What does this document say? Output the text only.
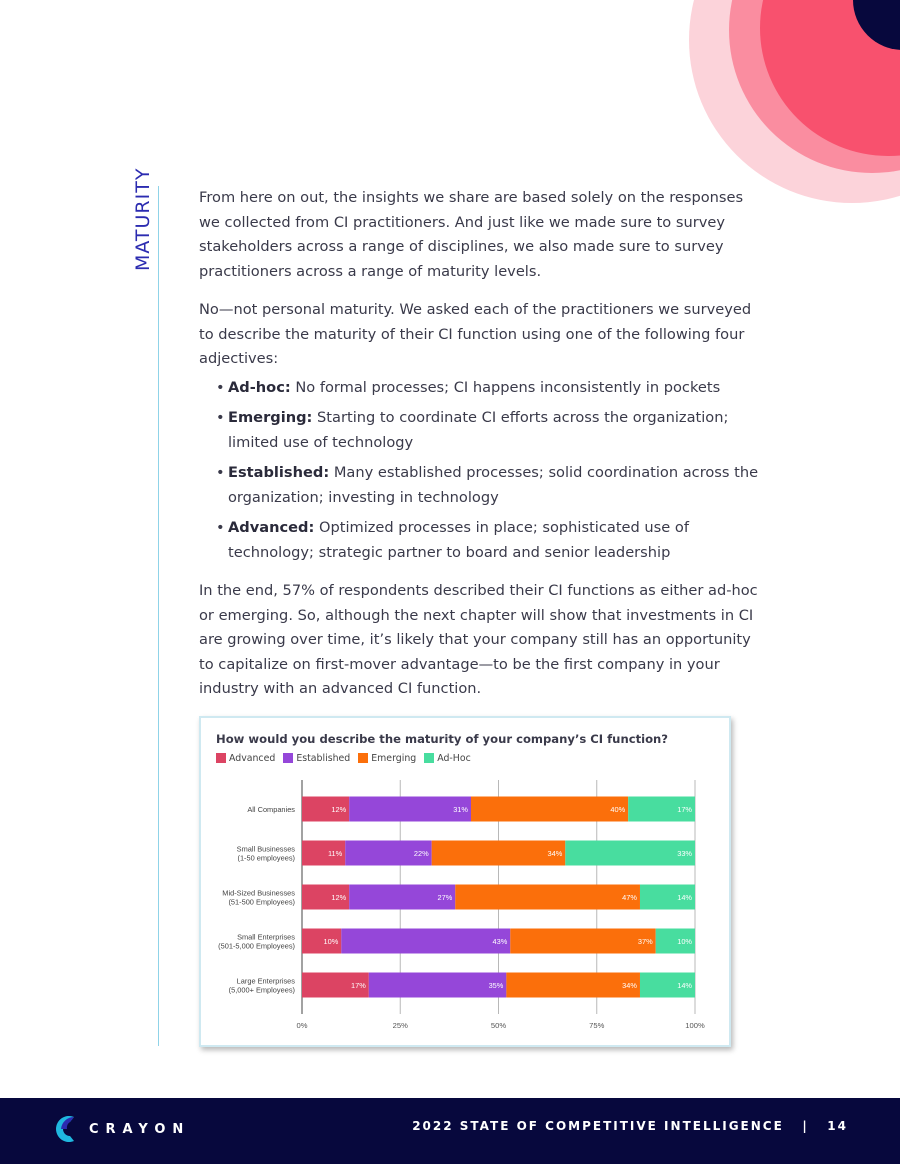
MATURITY	From here on out, the insights we share are based solely on the responses we collected from CI practitioners. And just like we made sure to survey stakeholders across a range of disciplines, we also made sure to survey practitioners across a range of maturity levels.

No—not personal maturity. We asked each of the practitioners we surveyed to describe the maturity of their CI function using one of the following four adjectives:

• Ad-hoc: No formal processes; CI happens inconsistently in pockets
• Emerging: Starting to coordinate CI efforts across the organization; limited use of technology
• Established: Many established processes; solid coordination across the organization; investing in technology
• Advanced: Optimized processes in place; sophisticated use of technology; strategic partner to board and senior leadership

In the end, 57% of respondents described their CI functions as either ad-hoc or emerging. So, although the next chapter will show that investments in CI are growing over time, it’s likely that your company still has an opportunity to capitalize on first-mover advantage—to be the first company in your industry with an advanced CI function.

0%	25%	50%	75%	100%
12%	31%	40%	17%
All Companies
11%	22%	34%	33%
Small Businesses
(1-50 employees)
12%	27%	47%	14%
Mid-Sized Businesses
(51-500 Employees)
10%	43%	37%	10%
Small Enterprises
(501-5,000 Employees)
17%	35%	34%	14%
Large Enterprises
(5,000+ Employees)
How would you describe the maturity of your company’s CI function?
Advanced Established Emerging Ad-Hoc
CRAYON	2022 STATE OF COMPETITIVE INTELLIGENCE | 14
